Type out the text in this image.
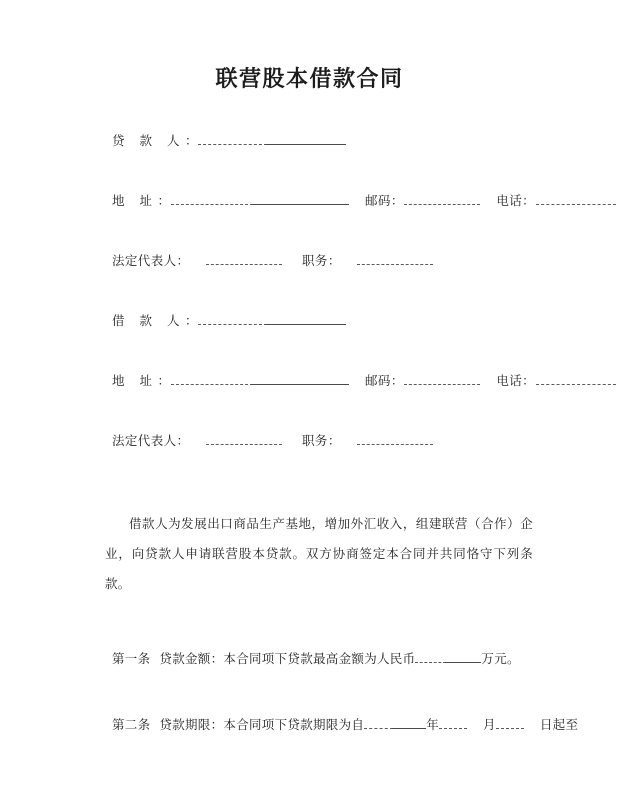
联营股本借款合同
贷 款 人 ：
地 址 ：	邮码 ：	电话 ：
法定代表人 ：	职务 ：
借 款 人 ：
地 址 ：	邮码 ：	电话 ：
法定代表人 ：	职务 ：

借款人为发展出口商品生产基地，增加外汇收入，组建联营（合作）企业，向贷款人申请联营股本贷款。双方协商签定本合同并共同恪守下列条款。

第一条 贷款金额：本合同项下贷款最高金额为人民币	万元。
第二条 贷款期限：本合同项下贷款期限为自	年	月	日起至
